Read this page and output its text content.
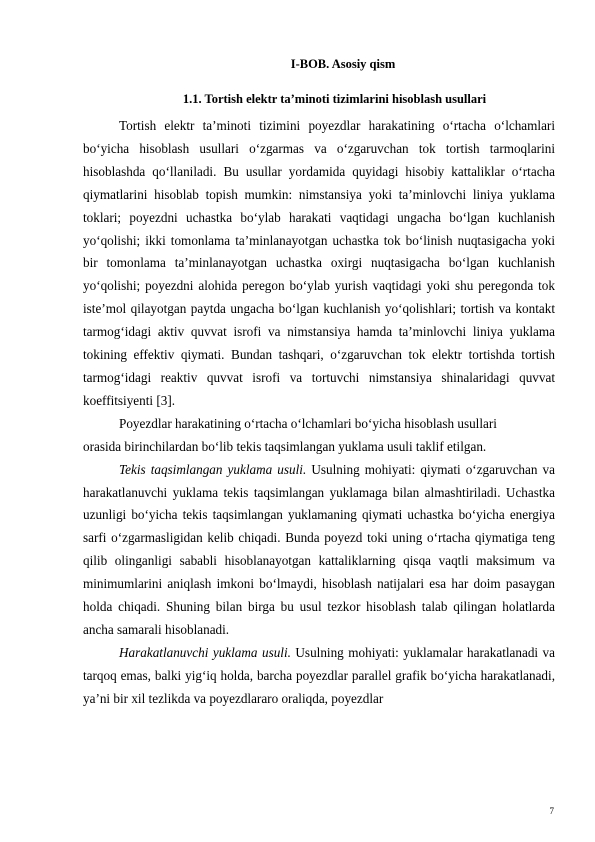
I-BOB. Asosiy qism
1.1. Tortish elektr ta’minoti tizimlarini hisoblash usullari

Tortish elektr ta’minoti tizimini poyezdlar harakatining o‘rtacha o‘lchamlari bo‘yicha hisoblash usullari o‘zgarmas va o‘zgaruvchan tok tortish tarmoqlarini hisoblashda qo‘llaniladi. Bu usullar yordamida quyidagi hisobiy kattaliklar o‘rtacha qiymatlarini hisoblab topish mumkin: nimstansiya yoki ta’minlovchi liniya yuklama toklari; poyezdni uchastka bo‘ylab harakati vaqtidagi ungacha bo‘lgan kuchlanish yo‘qolishi; ikki tomonlama ta’minlanayotgan uchastka tok bo‘linish nuqtasigacha yoki bir tomonlama ta’minlanayotgan uchastka oxirgi nuqtasigacha bo‘lgan kuchlanish yo‘qolishi; poyezdni alohida peregon bo‘ylab yurish vaqtidagi yoki shu peregonda tok iste’mol qilayotgan paytda ungacha bo‘lgan kuchlanish yo‘qolishlari; tortish va kontakt tarmog‘idagi aktiv quvvat isrofi va nimstansiya hamda ta’minlovchi liniya yuklama tokining effektiv qiymati. Bundan tashqari, o‘zgaruvchan tok elektr tortishda tortish tarmog‘idagi reaktiv quvvat isrofi va tortuvchi nimstansiya shinalaridagi quvvat koeffitsiyenti [3].

Poyezdlar harakatining o‘rtacha o‘lchamlari bo‘yicha hisoblash usullari

orasida birinchilardan bo‘lib tekis taqsimlangan yuklama usuli taklif etilgan.

Tekis taqsimlangan yuklama usuli. Usulning mohiyati: qiymati o‘zgaruvchan va harakatlanuvchi yuklama tekis taqsimlangan yuklamaga bilan almashtiriladi. Uchastka uzunligi bo‘yicha tekis taqsimlangan yuklamaning qiymati uchastka bo‘yicha energiya sarfi o‘zgarmasligidan kelib chiqadi. Bunda poyezd toki uning o‘rtacha qiymatiga teng qilib olinganligi sababli hisoblanayotgan kattaliklarning qisqa vaqtli maksimum va minimumlarini aniqlash imkoni bo‘lmaydi, hisoblash natijalari esa har doim pasaygan holda chiqadi. Shuning bilan birga bu usul tezkor hisoblash talab qilingan holatlarda ancha samarali hisoblanadi.

Harakatlanuvchi yuklama usuli. Usulning mohiyati: yuklamalar harakatlanadi va tarqoq emas, balki yig‘iq holda, barcha poyezdlar parallel grafik bo‘yicha harakatlanadi, ya’ni bir xil tezlikda va poyezdlararo oraliqda, poyezdlar

7
